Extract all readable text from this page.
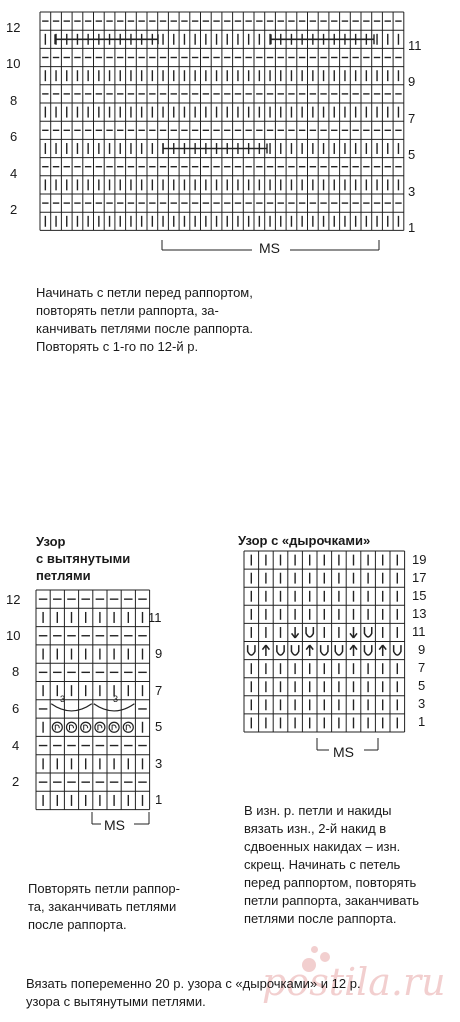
12
10
8
6
4
2
11
9
7
5
3
1
MS
Начинать с петли перед раппортом,
повторять петли раппорта, за-
канчивать петлями после раппорта.
Повторять с 1-го по 12-й р.
Узор
с вытянутыми
петлями
12
10
8
6
4
2
11
9
7
5
3
1
3	3
MS
Повторять петли раппор-
та, заканчивать петлями
после раппорта.
Узор с «дырочками»
19
17
15
13
11
9
7
5
3
1
MS
В изн. р. петли и накиды
вязать изн., 2-й накид в
сдвоенных накидах – изн.
скрещ. Начинать с петель
перед раппортом, повторять
петли раппорта, заканчивать
петлями после раппорта.
postila.ru
Вязать попеременно 20 р. узора с «дырочками» и 12 р.
узора с вытянутыми петлями.
